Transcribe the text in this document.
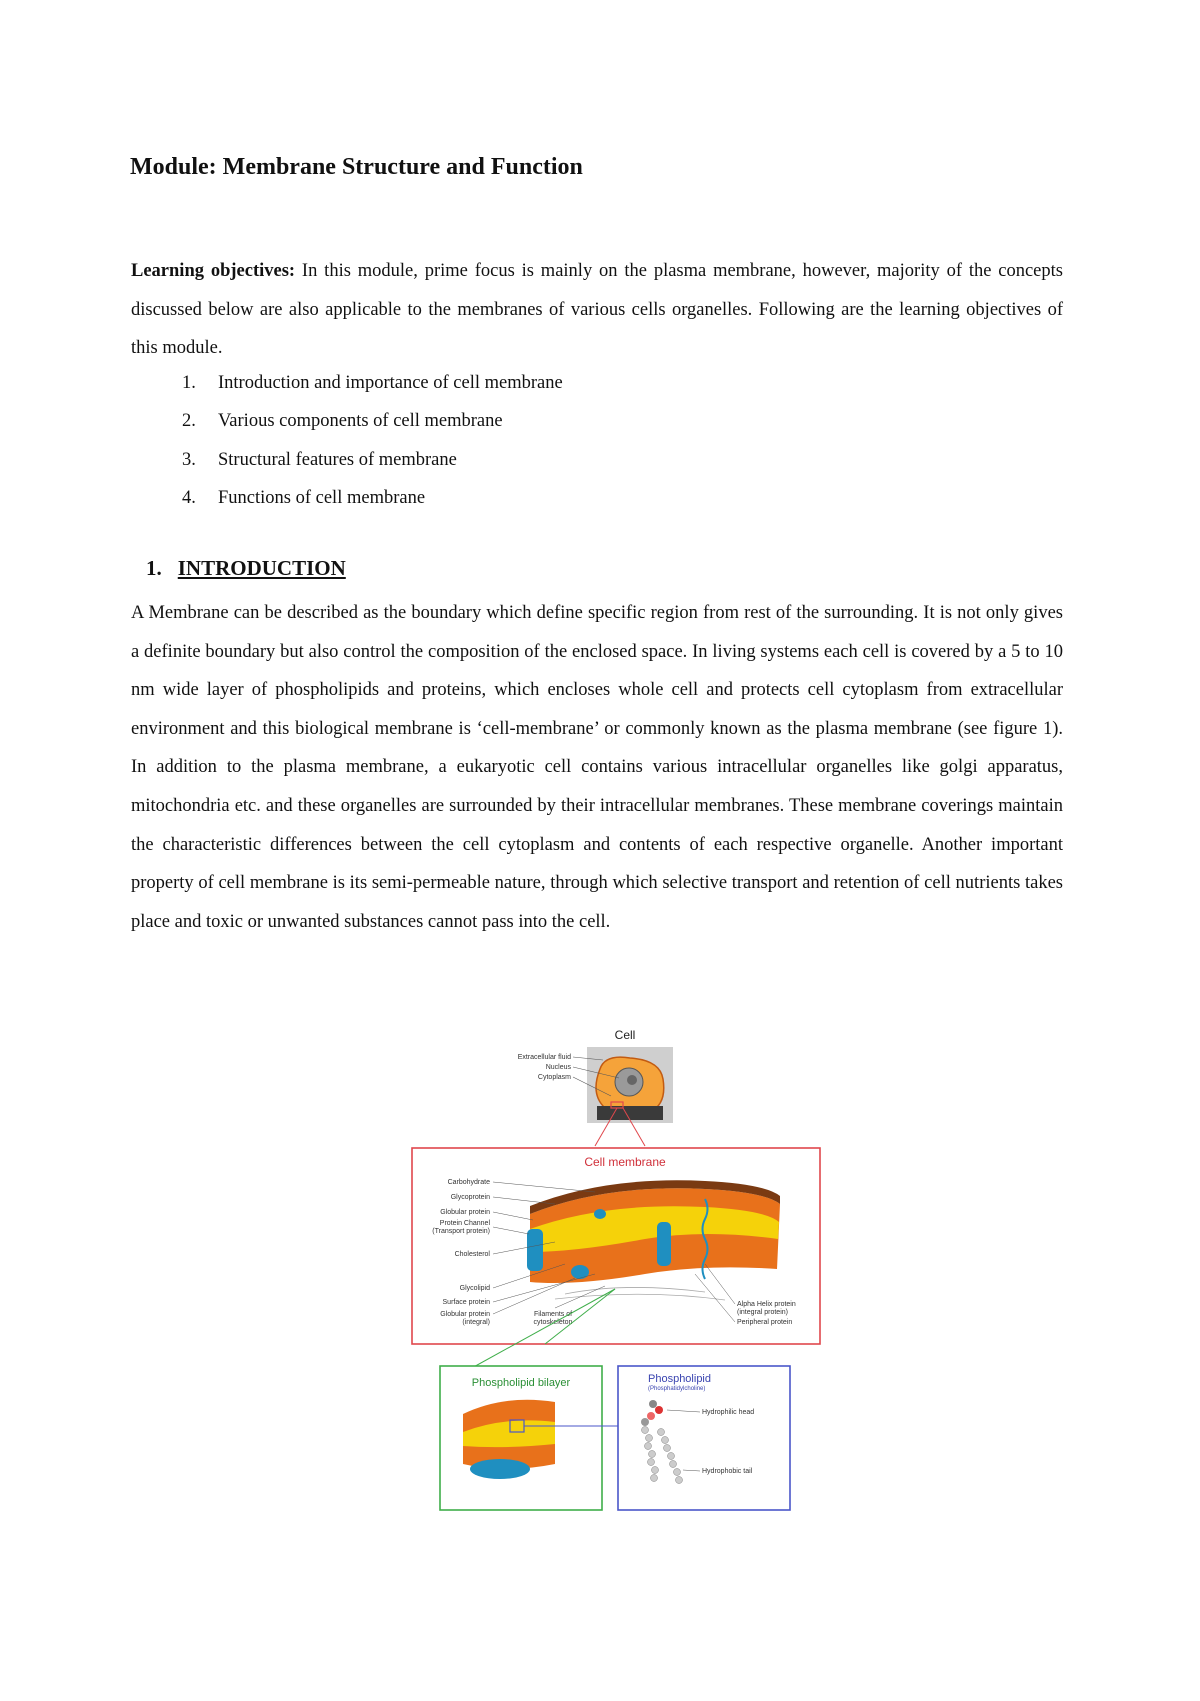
Module: Membrane Structure and Function
Learning objectives: In this module, prime focus is mainly on the plasma membrane, however, majority of the concepts discussed below are also applicable to the membranes of various cells organelles. Following are the learning objectives of this module.
1. Introduction and importance of cell membrane
2. Various components of cell membrane
3. Structural features of membrane
4. Functions of cell membrane
1. INTRODUCTION
A Membrane can be described as the boundary which define specific region from rest of the surrounding. It is not only gives a definite boundary but also control the composition of the enclosed space. In living systems each cell is covered by a 5 to 10 nm wide layer of phospholipids and proteins, which encloses whole cell and protects cell cytoplasm from extracellular environment and this biological membrane is ‘cell-membrane’ or commonly known as the plasma membrane (see figure 1). In addition to the plasma membrane, a eukaryotic cell contains various intracellular organelles like golgi apparatus, mitochondria etc. and these organelles are surrounded by their intracellular membranes. These membrane coverings maintain the characteristic differences between the cell cytoplasm and contents of each respective organelle. Another important property of cell membrane is its semi-permeable nature, through which selective transport and retention of cell nutrients takes place and toxic or unwanted substances cannot pass into the cell.
Cell
Extracellular fluid
Nucleus
Cytoplasm
Cell membrane
Carbohydrate
Glycoprotein
Globular protein
Protein Channel
(Transport protein)
Cholesterol
Glycolipid
Surface protein
Globular protein
(integral)
Filaments of
cytoskeleton
Alpha Helix protein
(integral protein)
Peripheral protein
Phospholipid bilayer	Phospholipid
(Phosphatidylcholine)
Hydrophilic head
Hydrophobic tail
